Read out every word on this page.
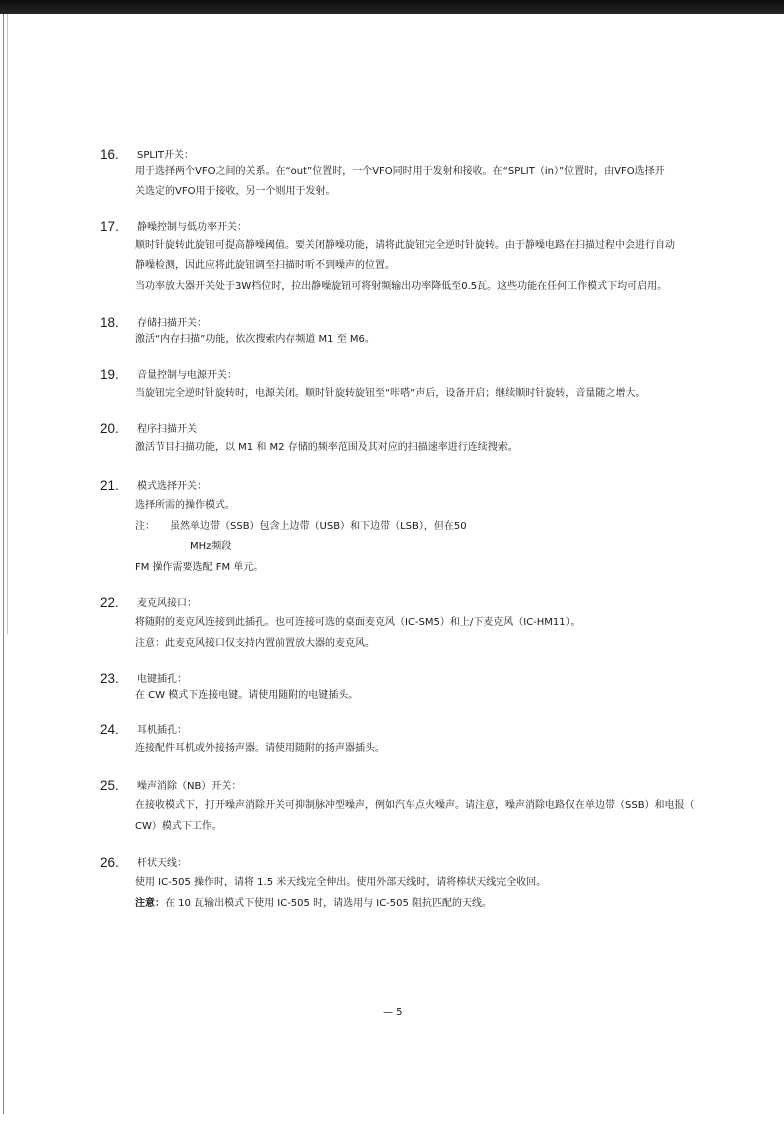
16. SPLIT开关：
用于选择两个VFO之间的关系。在“out”位置时，一个VFO同时用于发射和接收。在“SPLIT（in）”位置时，由VFO选择开
关选定的VFO用于接收，另一个则用于发射。
17. 静噪控制与低功率开关：
顺时针旋转此旋钮可提高静噪阈值。要关闭静噪功能，请将此旋钮完全逆时针旋转。由于静噪电路在扫描过程中会进行自动
静噪检测，因此应将此旋钮调至扫描时听不到噪声的位置。
当功率放大器开关处于3W档位时，拉出静噪旋钮可将射频输出功率降低至0.5瓦。这些功能在任何工作模式下均可启用。
18. 存储扫描开关：
激活“内存扫描”功能，依次搜索内存频道 M1 至 M6。
19. 音量控制与电源开关：
当旋钮完全逆时针旋转时，电源关闭。顺时针旋转旋钮至“咔嗒”声后，设备开启；继续顺时针旋转，音量随之增大。
20. 程序扫描开关
激活节目扫描功能，以 M1 和 M2 存储的频率范围及其对应的扫描速率进行连续搜索。
21. 模式选择开关：
选择所需的操作模式。
注： 虽然单边带（SSB）包含上边带（USB）和下边带（LSB），但在50
MHz频段
FM 操作需要选配 FM 单元。
22. 麦克风接口：
将随附的麦克风连接到此插孔。也可连接可选的桌面麦克风（IC-SM5）和上/下麦克风（IC-HM11）。
注意：此麦克风接口仅支持内置前置放大器的麦克风。
23. 电键插孔：
在 CW 模式下连接电键。请使用随附的电键插头。
24. 耳机插孔：
连接配件耳机或外接扬声器。请使用随附的扬声器插头。
25. 噪声消除（NB）开关：
在接收模式下，打开噪声消除开关可抑制脉冲型噪声，例如汽车点火噪声。请注意，噪声消除电路仅在单边带（SSB）和电报（
CW）模式下工作。
26. 杆状天线：
使用 IC-505 操作时，请将 1.5 米天线完全伸出。使用外部天线时，请将棒状天线完全收回。
注意：在 10 瓦输出模式下使用 IC-505 时，请选用与 IC-505 阻抗匹配的天线。
— 5
